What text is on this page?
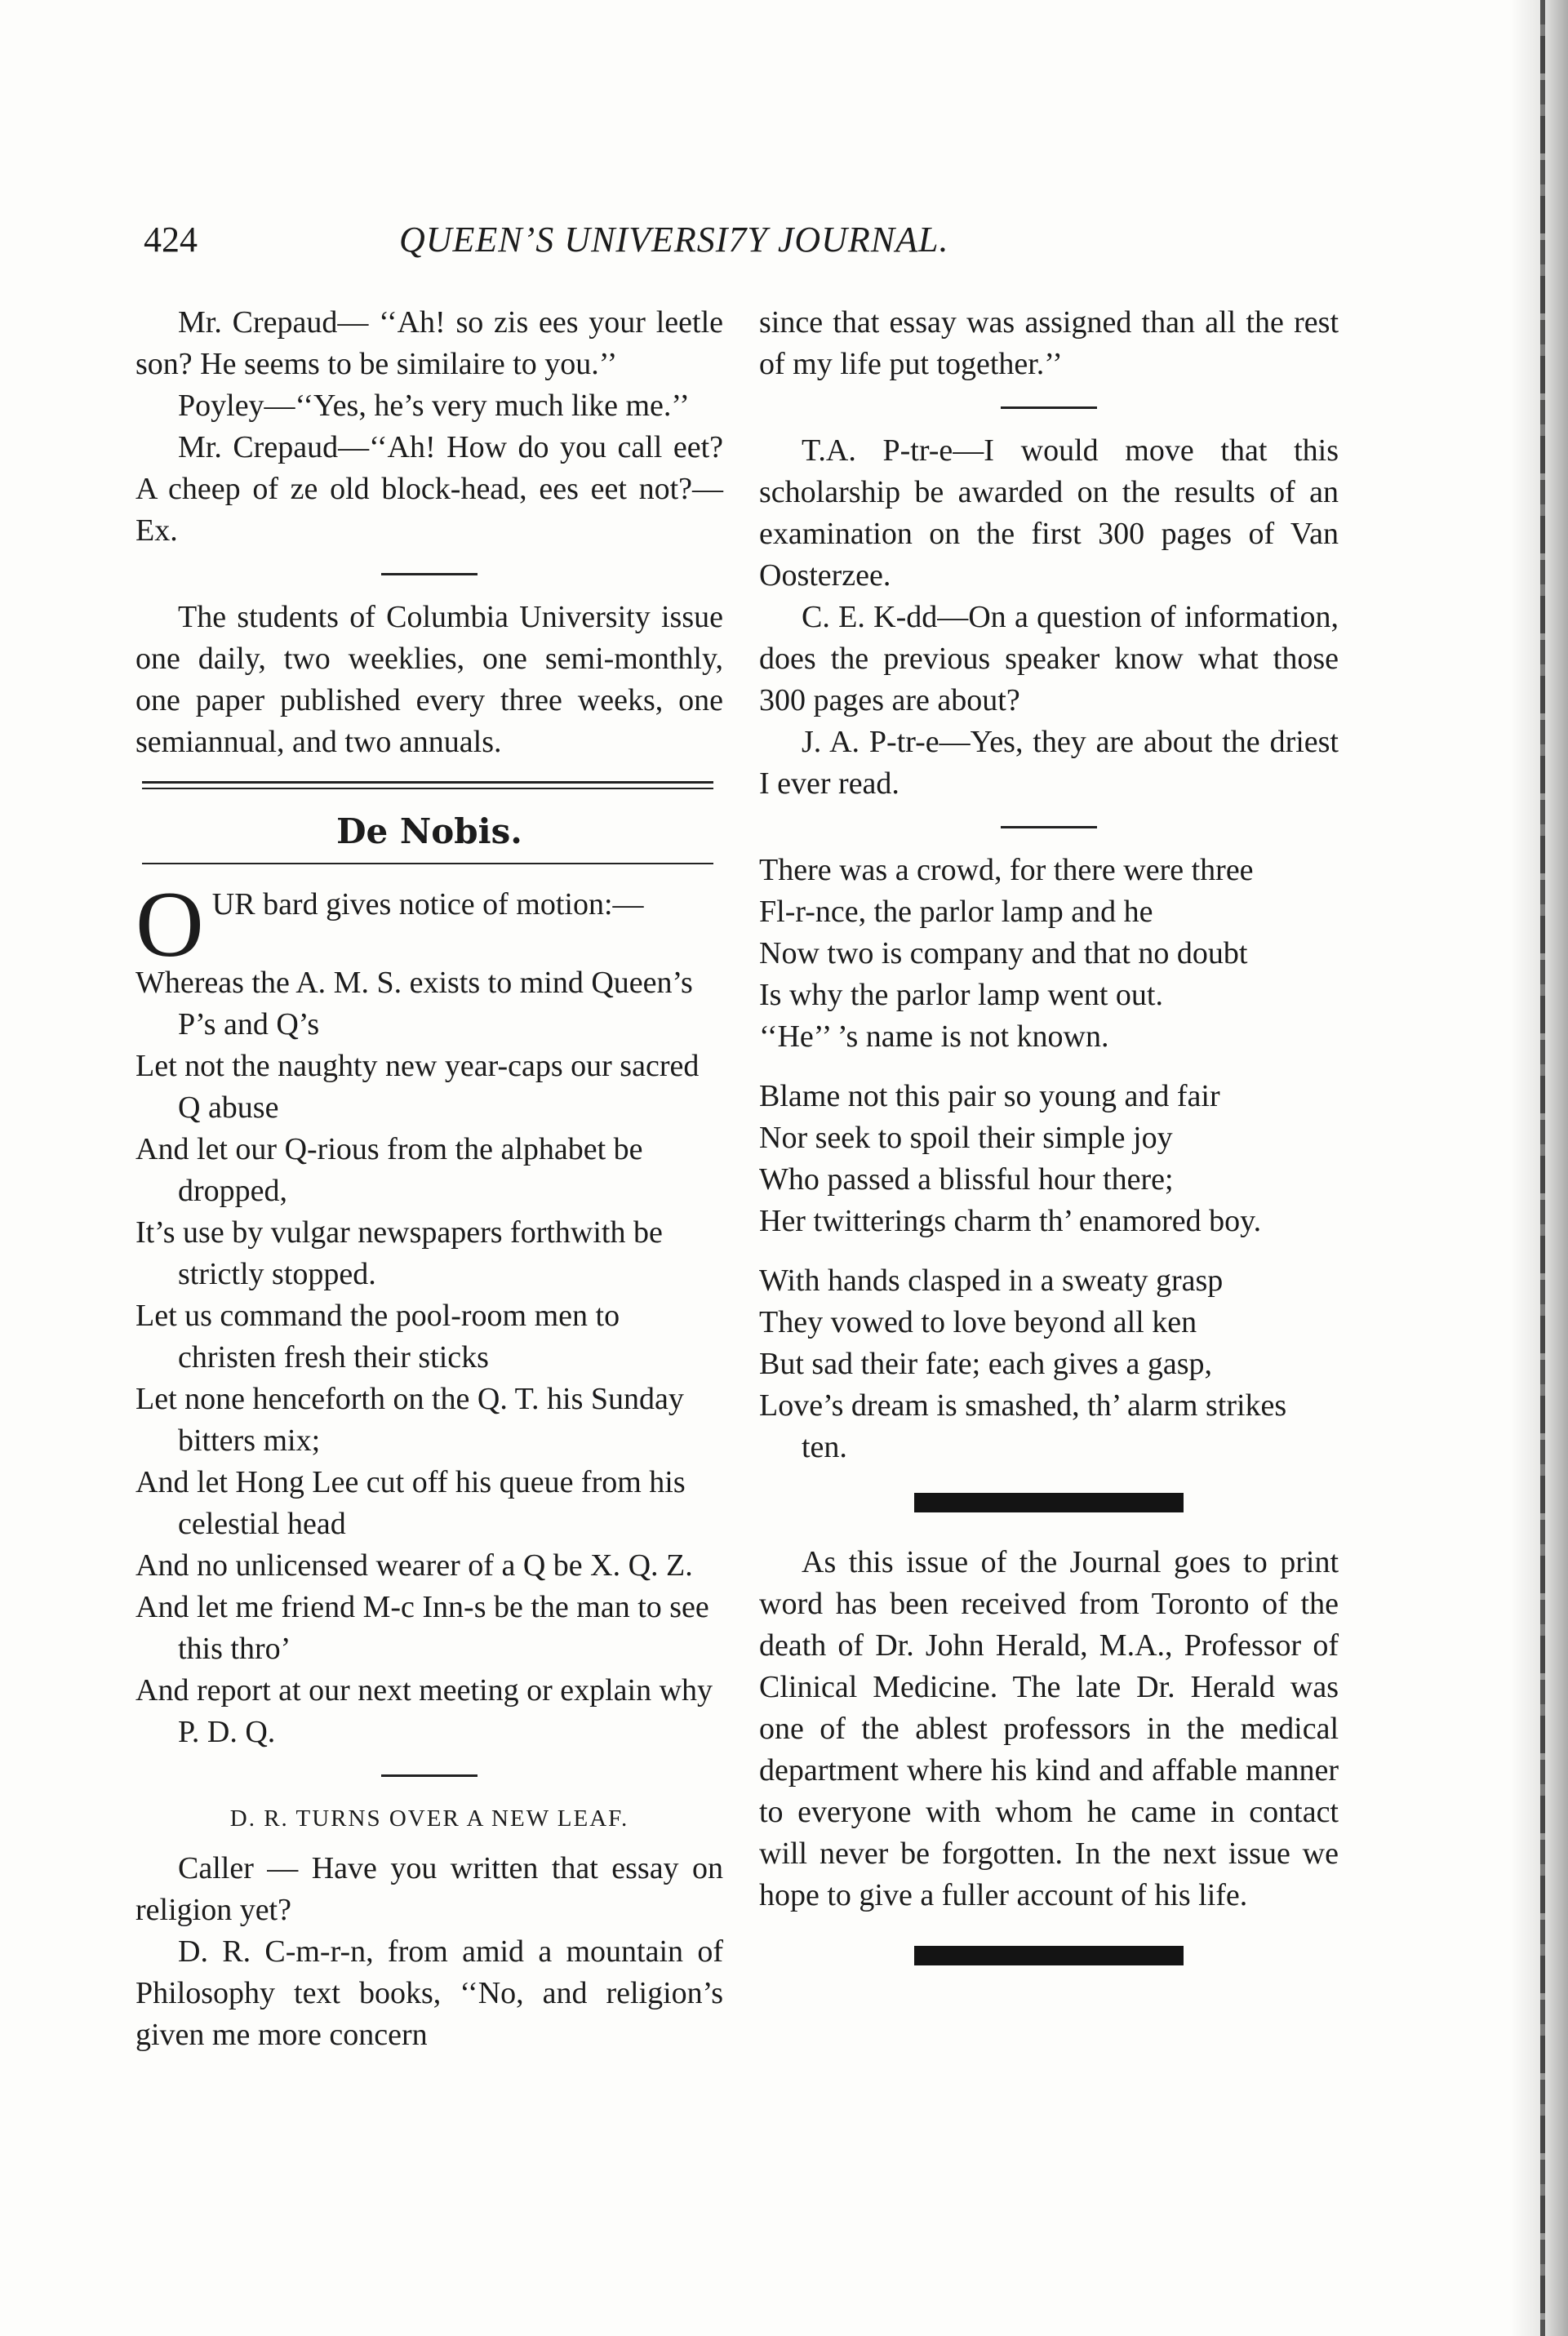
424	QUEEN’S UNIVERSI7Y JOURNAL.

Mr. Crepaud— ‘‘Ah! so zis ees your leetle son? He seems to be similaire to you.’’

Poyley—‘‘Yes, he’s very much like me.’’

Mr. Crepaud—‘‘Ah! How do you call eet? A cheep of ze old block-head, ees eet not?—Ex.

The students of Columbia University issue one daily, two weeklies, one semi-monthly, one paper published every three weeks, one semiannual, and two annuals.

De Nobis.
O UR bard gives notice of motion:—

Whereas the A. M. S. exists to mind Queen’s P’s and Q’s

Let not the naughty new year-caps our sacred Q abuse

And let our Q-rious from the alphabet be dropped,

It’s use by vulgar newspapers forthwith be strictly stopped.

Let us command the pool-room men to christen fresh their sticks

Let none henceforth on the Q. T. his Sunday bitters mix;

And let Hong Lee cut off his queue from his celestial head

And no unlicensed wearer of a Q be X. Q. Z.

And let me friend M-c Inn-s be the man to see this thro’

And report at our next meeting or explain why P. D. Q.

D. R. TURNS OVER A NEW LEAF.

Caller — Have you written that essay on religion yet?

D. R. C-m-r-n, from amid a mountain of Philosophy text books, ‘‘No, and religion’s given me more concern

since that essay was assigned than all the rest of my life put together.’’

T.A. P-tr-e—I would move that this scholarship be awarded on the results of an examination on the first 300 pages of Van Oosterzee.

C. E. K-dd—On a question of information, does the previous speaker know what those 300 pages are about?

J. A. P-tr-e—Yes, they are about the driest I ever read.

There was a crowd, for there were three

Fl-r-nce, the parlor lamp and he

Now two is company and that no doubt

Is why the parlor lamp went out.

‘‘He’’ ’s name is not known.

Blame not this pair so young and fair

Nor seek to spoil their simple joy

Who passed a blissful hour there;

Her twitterings charm th’ enamored boy.

With hands clasped in a sweaty grasp

They vowed to love beyond all ken

But sad their fate; each gives a gasp,

Love’s dream is smashed, th’ alarm strikes ten.

As this issue of the Journal goes to print word has been received from Toronto of the death of Dr. John Herald, M.A., Professor of Clinical Medicine. The late Dr. Herald was one of the ablest professors in the medical department where his kind and affable manner to everyone with whom he came in contact will never be forgotten. In the next issue we hope to give a fuller account of his life.
